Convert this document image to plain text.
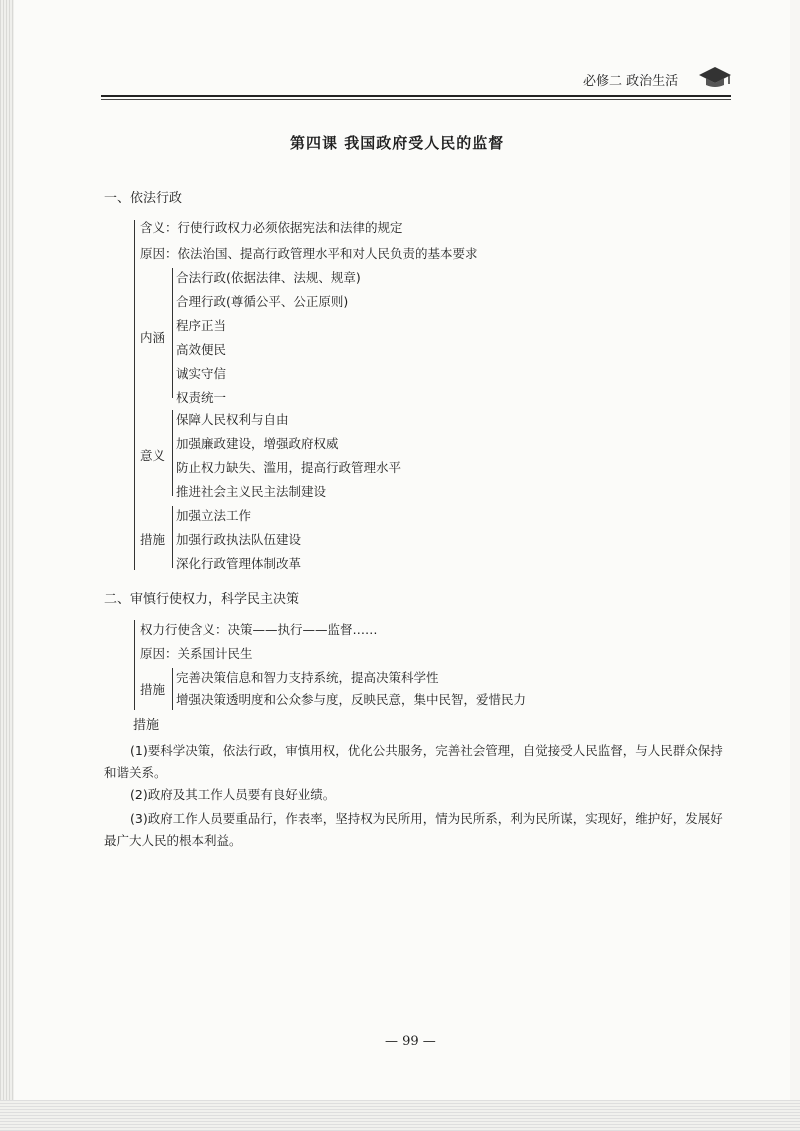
必修二 政治生活
第四课 我国政府受人民的监督
一、依法行政
含义：行使行政权力必须依据宪法和法律的规定
原因：依法治国、提高行政管理水平和对人民负责的基本要求
内涵
合法行政(依据法律、法规、规章)
合理行政(尊循公平、公正原则)
程序正当
高效便民
诚实守信
权责统一
意义
保障人民权利与自由
加强廉政建设，增强政府权威
防止权力缺失、滥用，提高行政管理水平
推进社会主义民主法制建设
措施
加强立法工作
加强行政执法队伍建设
深化行政管理体制改革
二、审慎行使权力，科学民主决策
权力行使含义：决策——执行——监督……
原因：关系国计民生
措施
完善决策信息和智力支持系统，提高决策科学性
增强决策透明度和公众参与度，反映民意，集中民智，爱惜民力
措施
(1)要科学决策，依法行政，审慎用权，优化公共服务，完善社会管理，自觉接受人民监督，与人民群众保持和谐关系。
(2)政府及其工作人员要有良好业绩。
(3)政府工作人员要重品行，作表率，坚持权为民所用，情为民所系，利为民所谋，实现好，维护好，发展好最广大人民的根本利益。
— 99 —
